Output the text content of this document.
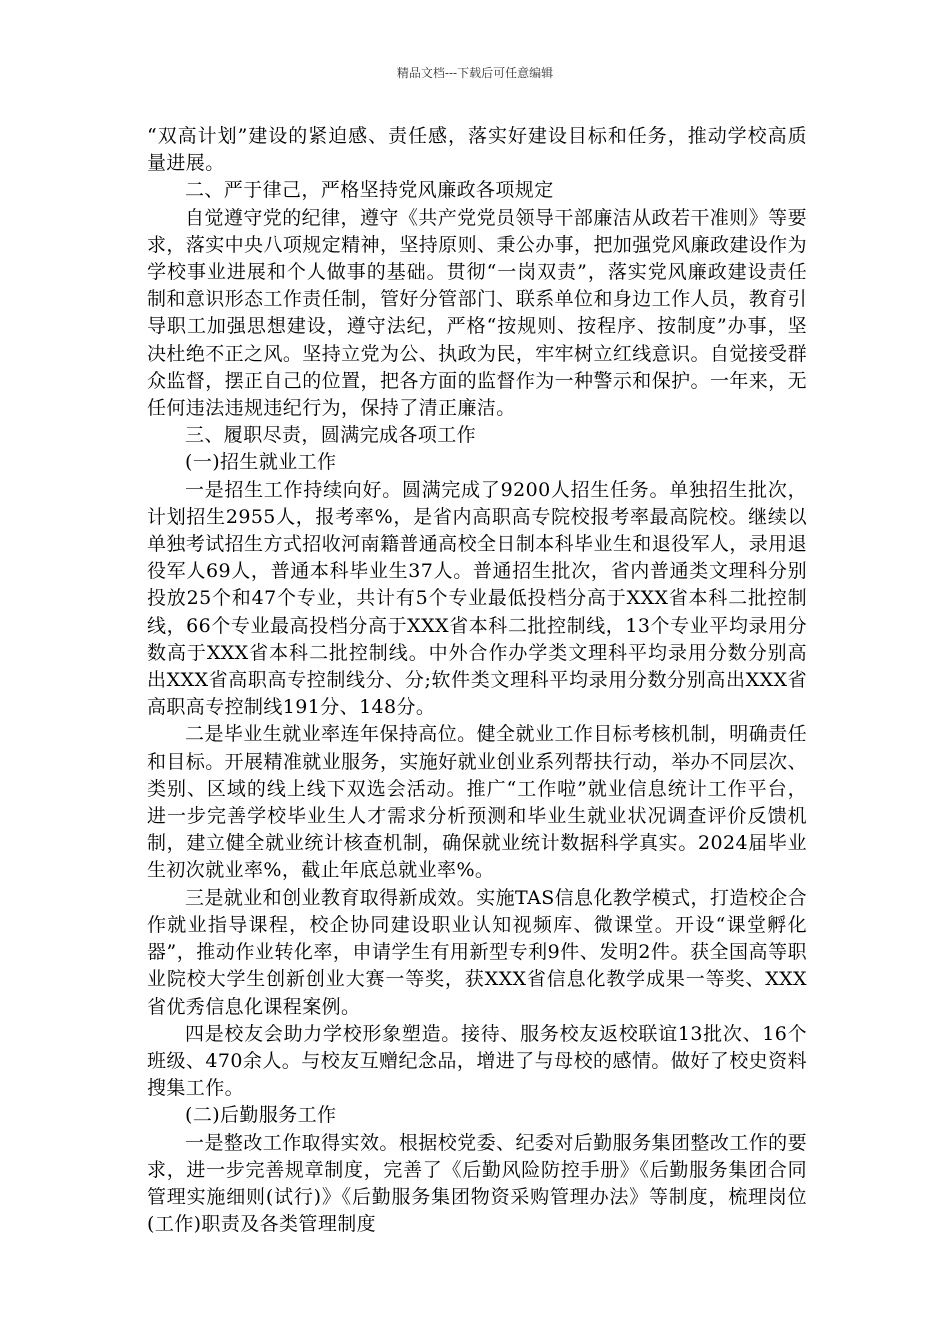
精品文档---下载后可任意编辑

“双高计划”建设的紧迫感、责任感，落实好建设目标和任务，推动学校高质量进展。

二、严于律己，严格坚持党风廉政各项规定

自觉遵守党的纪律，遵守《共产党党员领导干部廉洁从政若干准则》等要求，落实中央八项规定精神，坚持原则、秉公办事，把加强党风廉政建设作为学校事业进展和个人做事的基础。贯彻“一岗双责”，落实党风廉政建设责任制和意识形态工作责任制，管好分管部门、联系单位和身边工作人员，教育引导职工加强思想建设，遵守法纪，严格“按规则、按程序、按制度”办事，坚决杜绝不正之风。坚持立党为公、执政为民，牢牢树立红线意识。自觉接受群众监督，摆正自己的位置，把各方面的监督作为一种警示和保护。一年来，无任何违法违规违纪行为，保持了清正廉洁。

三、履职尽责，圆满完成各项工作

(一)招生就业工作

一是招生工作持续向好。圆满完成了9200人招生任务。单独招生批次，计划招生2955人，报考率%，是省内高职高专院校报考率最高院校。继续以单独考试招生方式招收河南籍普通高校全日制本科毕业生和退役军人，录用退役军人69人，普通本科毕业生37人。普通招生批次，省内普通类文理科分别投放25个和47个专业，共计有5个专业最低投档分高于XXX省本科二批控制线，66个专业最高投档分高于XXX省本科二批控制线，13个专业平均录用分数高于XXX省本科二批控制线。中外合作办学类文理科平均录用分数分别高出XXX省高职高专控制线分、分;软件类文理科平均录用分数分别高出XXX省高职高专控制线191分、148分。

二是毕业生就业率连年保持高位。健全就业工作目标考核机制，明确责任和目标。开展精准就业服务，实施好就业创业系列帮扶行动，举办不同层次、类别、区域的线上线下双选会活动。推广“工作啦”就业信息统计工作平台，进一步完善学校毕业生人才需求分析预测和毕业生就业状况调查评价反馈机制，建立健全就业统计核查机制，确保就业统计数据科学真实。2024届毕业生初次就业率%，截止年底总就业率%。

三是就业和创业教育取得新成效。实施TAS信息化教学模式，打造校企合作就业指导课程，校企协同建设职业认知视频库、微课堂。开设“课堂孵化器”，推动作业转化率，申请学生有用新型专利9件、发明2件。获全国高等职业院校大学生创新创业大赛一等奖，获XXX省信息化教学成果一等奖、XXX省优秀信息化课程案例。

四是校友会助力学校形象塑造。接待、服务校友返校联谊13批次、16个班级、470余人。与校友互赠纪念品，增进了与母校的感情。做好了校史资料搜集工作。

(二)后勤服务工作

一是整改工作取得实效。根据校党委、纪委对后勤服务集团整改工作的要求，进一步完善规章制度，完善了《后勤风险防控手册》《后勤服务集团合同管理实施细则(试行)》《后勤服务集团物资采购管理办法》等制度，梳理岗位(工作)职责及各类管理制度
